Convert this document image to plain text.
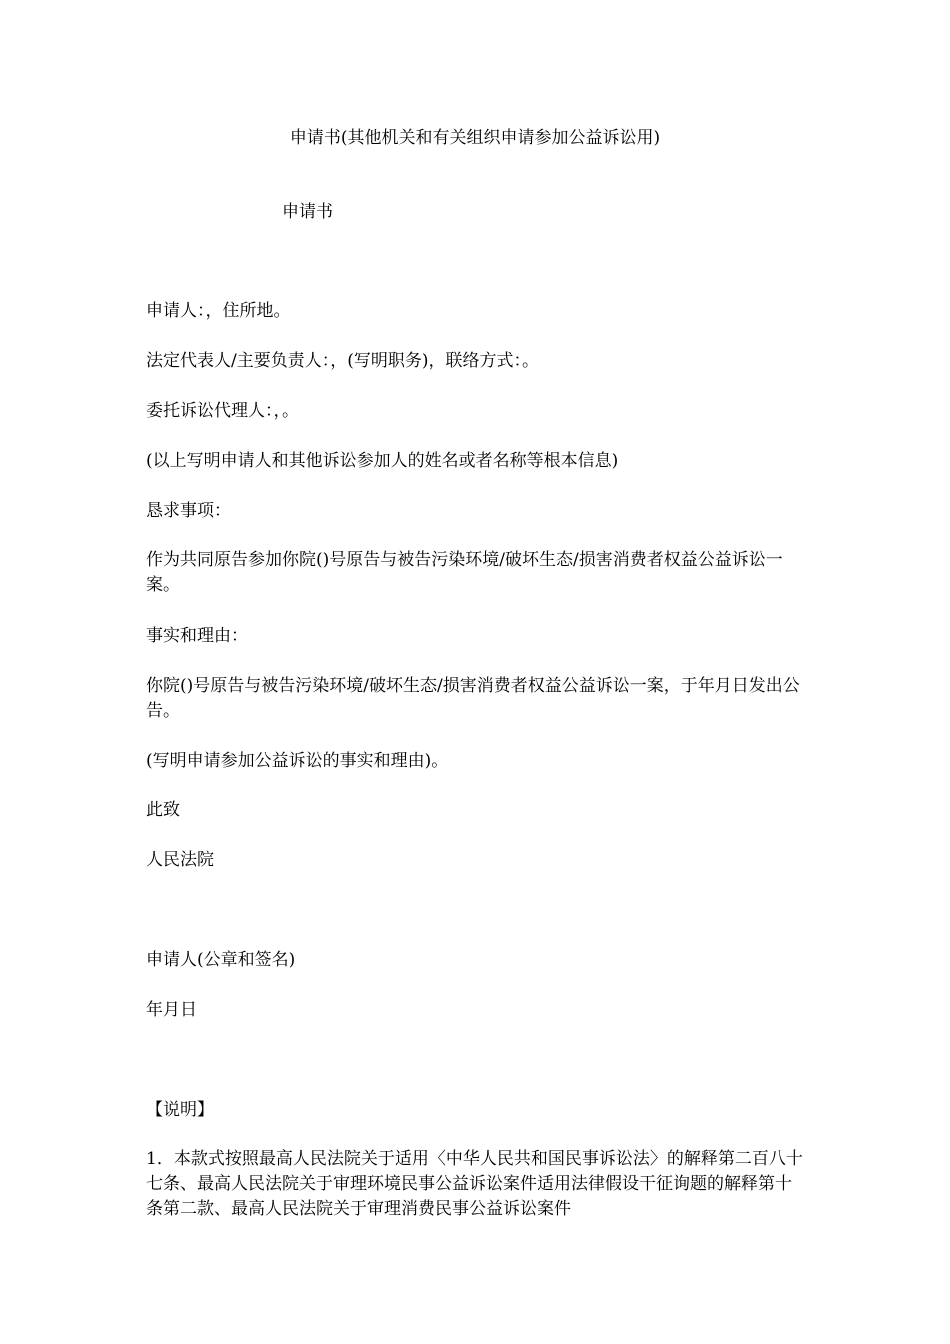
申请书(其他机关和有关组织申请参加公益诉讼用)
申请书
申请人：，住所地。
法定代表人/主要负责人：，(写明职务)，联络方式：。
委托诉讼代理人：，。
(以上写明申请人和其他诉讼参加人的姓名或者名称等根本信息)
恳求事项：
作为共同原告参加你院()号原告与被告污染环境/破坏生态/损害消费者权益公益诉讼一案。
事实和理由：
你院()号原告与被告污染环境/破坏生态/损害消费者权益公益诉讼一案，于年月日发出公告。
(写明申请参加公益诉讼的事实和理由)。
此致
人民法院
申请人(公章和签名)
年月日
【说明】
1．本款式按照最高人民法院关于适用〈中华人民共和国民事诉讼法〉的解释第二百八十七条、最高人民法院关于审理环境民事公益诉讼案件适用法律假设干征询题的解释第十条第二款、最高人民法院关于审理消费民事公益诉讼案件
